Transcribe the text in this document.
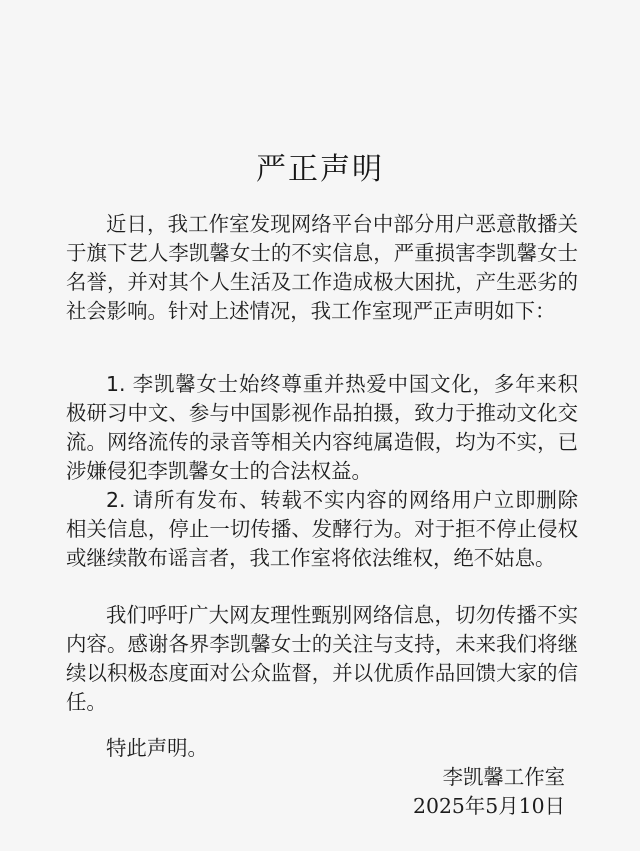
严正声明

近日，我工作室发现网络平台中部分用户恶意散播关于旗下艺人李凯馨女士的不实信息，严重损害李凯馨女士名誉，并对其个人生活及工作造成极大困扰，产生恶劣的社会影响。针对上述情况，我工作室现严正声明如下：

1. 李凯馨女士始终尊重并热爱中国文化，多年来积极研习中文、参与中国影视作品拍摄，致力于推动文化交流。网络流传的录音等相关内容纯属造假，均为不实，已涉嫌侵犯李凯馨女士的合法权益。

2. 请所有发布、转载不实内容的网络用户立即删除相关信息，停止一切传播、发酵行为。对于拒不停止侵权或继续散布谣言者，我工作室将依法维权，绝不姑息。

我们呼吁广大网友理性甄别网络信息，切勿传播不实内容。感谢各界李凯馨女士的关注与支持，未来我们将继续以积极态度面对公众监督，并以优质作品回馈大家的信任。

特此声明。

李凯馨工作室

2025年5月10日
